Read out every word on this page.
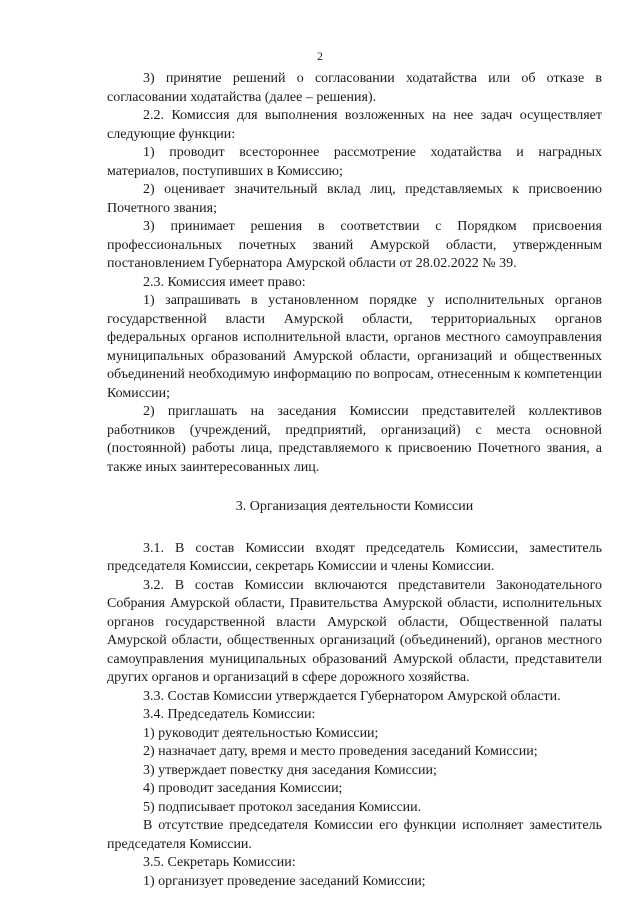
2

3) принятие решений о согласовании ходатайства или об отказе в согласовании ходатайства (далее – решения).

2.2. Комиссия для выполнения возложенных на нее задач осуществляет следующие функции:

1) проводит всестороннее рассмотрение ходатайства и наградных материалов, поступивших в Комиссию;

2) оценивает значительный вклад лиц, представляемых к присвоению Почетного звания;

3) принимает решения в соответствии с Порядком присвоения профессиональных почетных званий Амурской области, утвержденным постановлением Губернатора Амурской области от 28.02.2022 № 39.

2.3. Комиссия имеет право:

1) запрашивать в установленном порядке у исполнительных органов государственной власти Амурской области, территориальных органов федеральных органов исполнительной власти, органов местного самоуправления муниципальных образований Амурской области, организаций и общественных объединений необходимую информацию по вопросам, отнесенным к компетенции Комиссии;

2) приглашать на заседания Комиссии представителей коллективов работников (учреждений, предприятий, организаций) с места основной (постоянной) работы лица, представляемого к присвоению Почетного звания, а также иных заинтересованных лиц.

3. Организация деятельности Комиссии

3.1. В состав Комиссии входят председатель Комиссии, заместитель председателя Комиссии, секретарь Комиссии и члены Комиссии.

3.2. В состав Комиссии включаются представители Законодательного Собрания Амурской области, Правительства Амурской области, исполнительных органов государственной власти Амурской области, Общественной палаты Амурской области, общественных организаций (объединений), органов местного самоуправления муниципальных образований Амурской области, представители других органов и организаций в сфере дорожного хозяйства.

3.3. Состав Комиссии утверждается Губернатором Амурской области.

3.4. Председатель Комиссии:

1) руководит деятельностью Комиссии;

2) назначает дату, время и место проведения заседаний Комиссии;

3) утверждает повестку дня заседания Комиссии;

4) проводит заседания Комиссии;

5) подписывает протокол заседания Комиссии.

В отсутствие председателя Комиссии его функции исполняет заместитель председателя Комиссии.

3.5. Секретарь Комиссии:

1) организует проведение заседаний Комиссии;
